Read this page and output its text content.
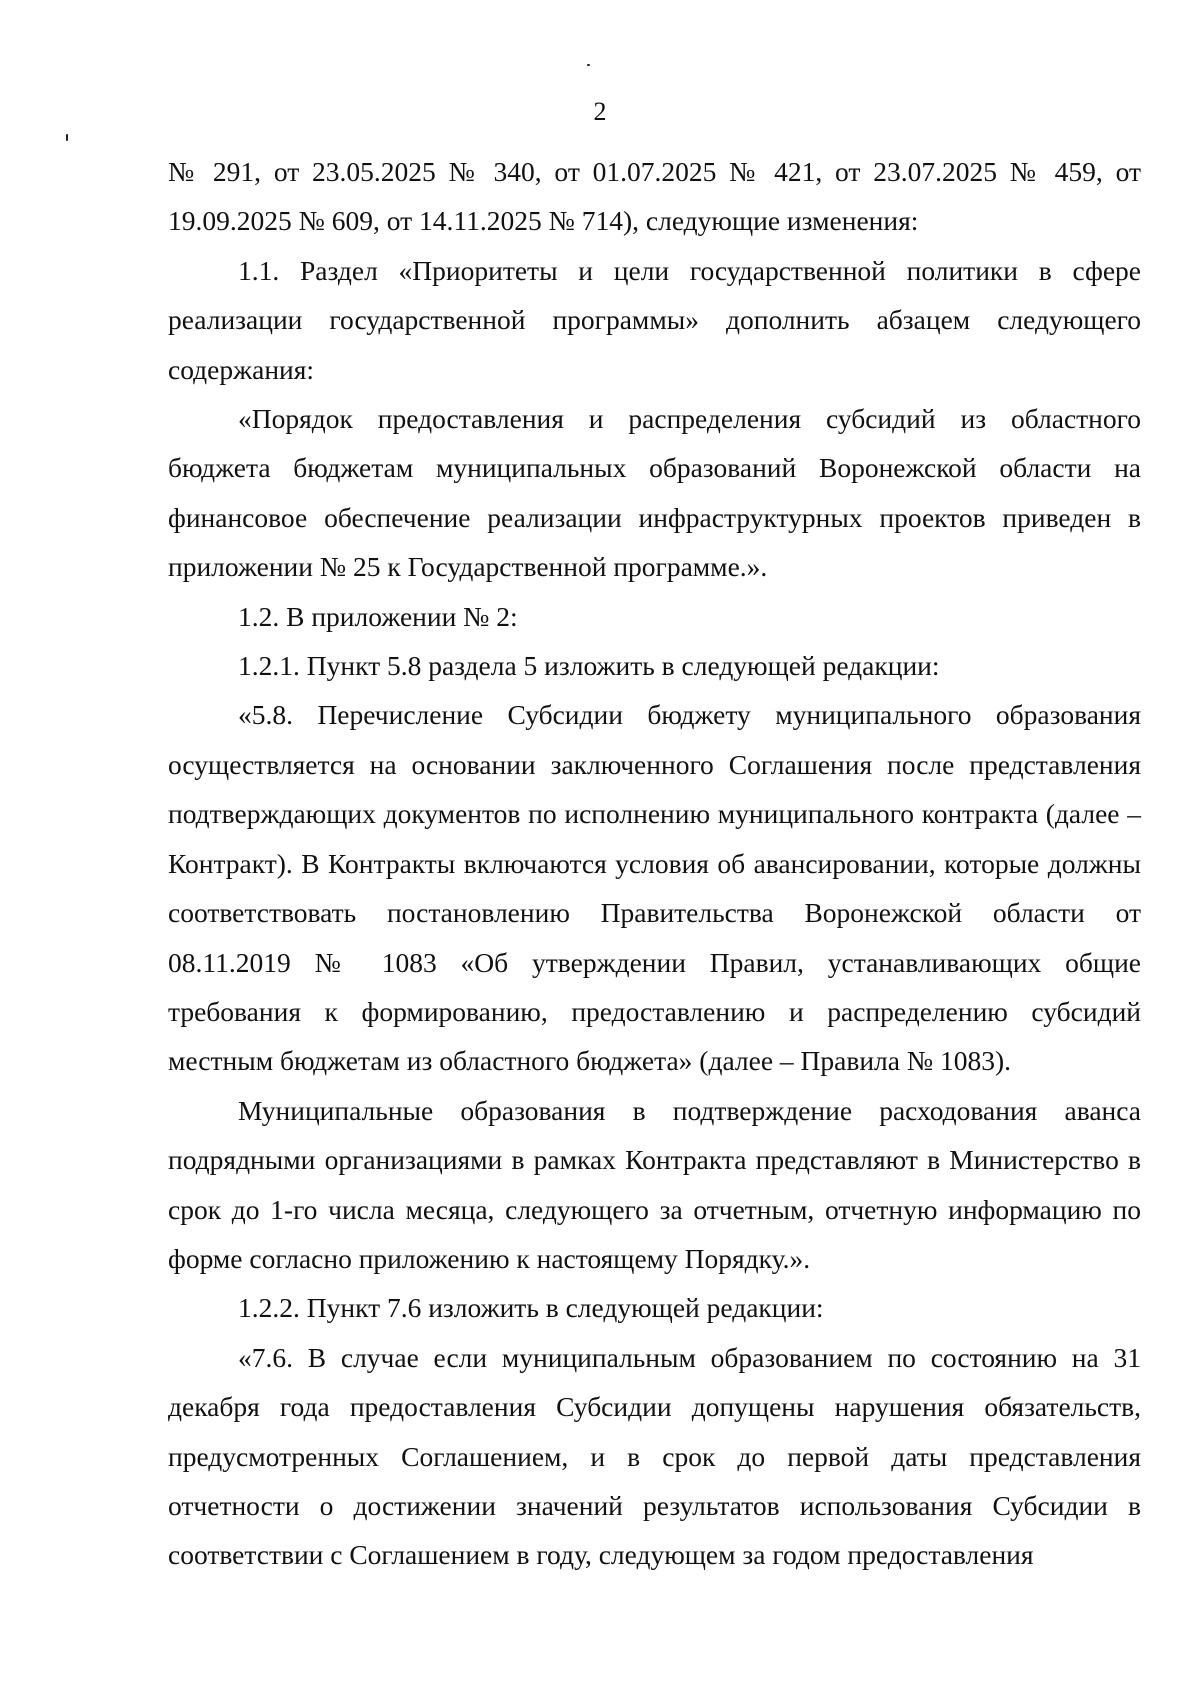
2

№ 291, от 23.05.2025 № 340, от 01.07.2025 № 421, от 23.07.2025 № 459, от 19.09.2025 № 609, от 14.11.2025 № 714), следующие изменения:

1.1. Раздел «Приоритеты и цели государственной политики в сфере реализации государственной программы» дополнить абзацем следующего содержания:

«Порядок предоставления и распределения субсидий из областного бюджета бюджетам муниципальных образований Воронежской области на финансовое обеспечение реализации инфраструктурных проектов приведен в приложении № 25 к Государственной программе.».

1.2. В приложении № 2:

1.2.1. Пункт 5.8 раздела 5 изложить в следующей редакции:

«5.8. Перечисление Субсидии бюджету муниципального образования осуществляется на основании заключенного Соглашения после представления подтверждающих документов по исполнению муниципального контракта (далее – Контракт). В Контракты включаются условия об авансировании, которые должны соответствовать постановлению Правительства Воронежской области от 08.11.2019 № 1083 «Об утверждении Правил, устанавливающих общие требования к формированию, предоставлению и распределению субсидий местным бюджетам из областного бюджета» (далее – Правила № 1083).

Муниципальные образования в подтверждение расходования аванса подрядными организациями в рамках Контракта представляют в Министерство в срок до 1-го числа месяца, следующего за отчетным, отчетную информацию по форме согласно приложению к настоящему Порядку.».

1.2.2. Пункт 7.6 изложить в следующей редакции:

«7.6. В случае если муниципальным образованием по состоянию на 31 декабря года предоставления Субсидии допущены нарушения обязательств, предусмотренных Соглашением, и в срок до первой даты представления отчетности о достижении значений результатов использования Субсидии в соответствии с Соглашением в году, следующем за годом предоставления
